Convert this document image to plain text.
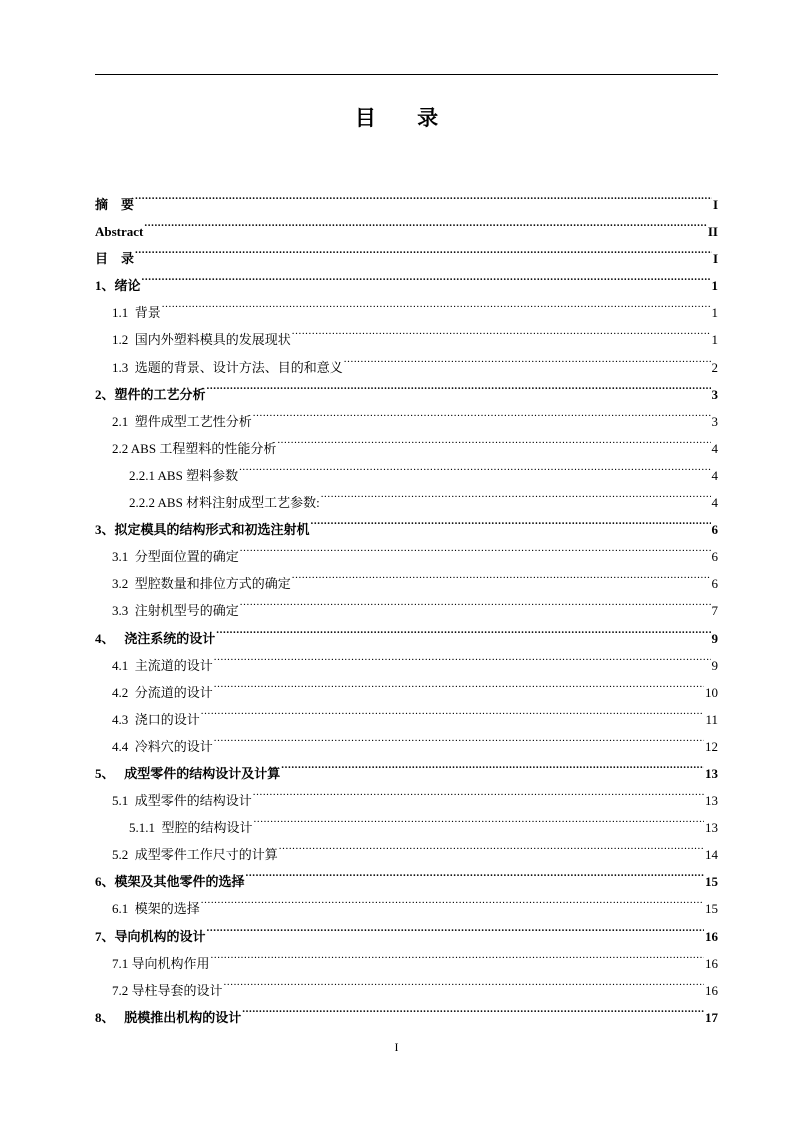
目 录
摘    要 .....	I
Abstract .....	II
目    录 .....	I
1、绪论 .....	1
1.1  背景 .....	1
1.2  国内外塑料模具的发展现状 .....	1
1.3  选题的背景、设计方法、目的和意义 .....	2
2、塑件的工艺分析 .....	3
2.1  塑件成型工艺性分析 .....	3
2.2 ABS 工程塑料的性能分析 .....	4
2.2.1 ABS 塑料参数 .....	4
2.2.2 ABS 材料注射成型工艺参数: .....	4
3、拟定模具的结构形式和初选注射机 .....	6
3.1  分型面位置的确定 .....	6
3.2  型腔数量和排位方式的确定 .....	6
3.3  注射机型号的确定 .....	7
4、   浇注系统的设计 .....	9
4.1  主流道的设计 .....	9
4.2  分流道的设计 .....	10
4.3  浇口的设计 .....	11
4.4  冷料穴的设计 .....	12
5、   成型零件的结构设计及计算 .....	13
5.1  成型零件的结构设计 .....	13
5.1.1  型腔的结构设计 .....	13
5.2  成型零件工作尺寸的计算 .....	14
6、模架及其他零件的选择 .....	15
6.1  模架的选择 .....	15
7、导向机构的设计 .....	16
7.1 导向机构作用 .....	16
7.2 导柱导套的设计 .....	16
8、   脱模推出机构的设计 .....	17
I
